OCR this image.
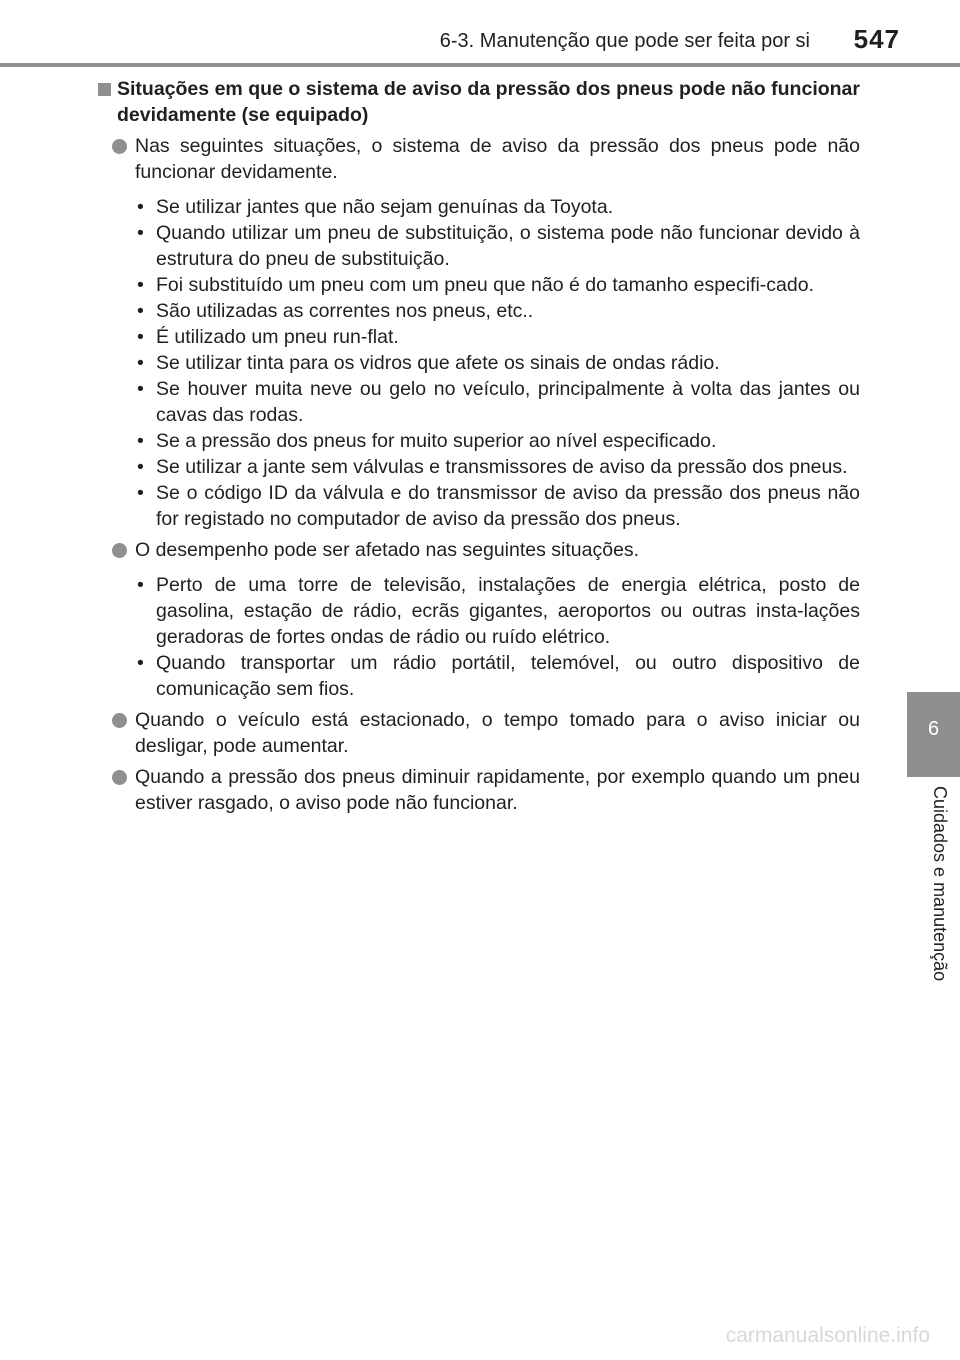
6-3. Manutenção que pode ser feita por si	547
6
Cuidados e manutenção
Situações em que o sistema de aviso da pressão dos pneus pode não funcionar devidamente (se equipado)
Nas seguintes situações, o sistema de aviso da pressão dos pneus pode não funcionar devidamente.
• Se utilizar jantes que não sejam genuínas da Toyota.
• Quando utilizar um pneu de substituição, o sistema pode não funcionar devido à estrutura do pneu de substituição.
• Foi substituído um pneu com um pneu que não é do tamanho especifi-cado.
• São utilizadas as correntes nos pneus, etc..
• É utilizado um pneu run-flat.
• Se utilizar tinta para os vidros que afete os sinais de ondas rádio.
• Se houver muita neve ou gelo no veículo, principalmente à volta das jantes ou cavas das rodas.
• Se a pressão dos pneus for muito superior ao nível especificado.
• Se utilizar a jante sem válvulas e transmissores de aviso da pressão dos pneus.
• Se o código ID da válvula e do transmissor de aviso da pressão dos pneus não for registado no computador de aviso da pressão dos pneus.
O desempenho pode ser afetado nas seguintes situações.
• Perto de uma torre de televisão, instalações de energia elétrica, posto de gasolina, estação de rádio, ecrãs gigantes, aeroportos ou outras insta-lações geradoras de fortes ondas de rádio ou ruído elétrico.
• Quando transportar um rádio portátil, telemóvel, ou outro dispositivo de comunicação sem fios.
Quando o veículo está estacionado, o tempo tomado para o aviso iniciar ou desligar, pode aumentar.
Quando a pressão dos pneus diminuir rapidamente, por exemplo quando um pneu estiver rasgado, o aviso pode não funcionar.
carmanualsonline.info
